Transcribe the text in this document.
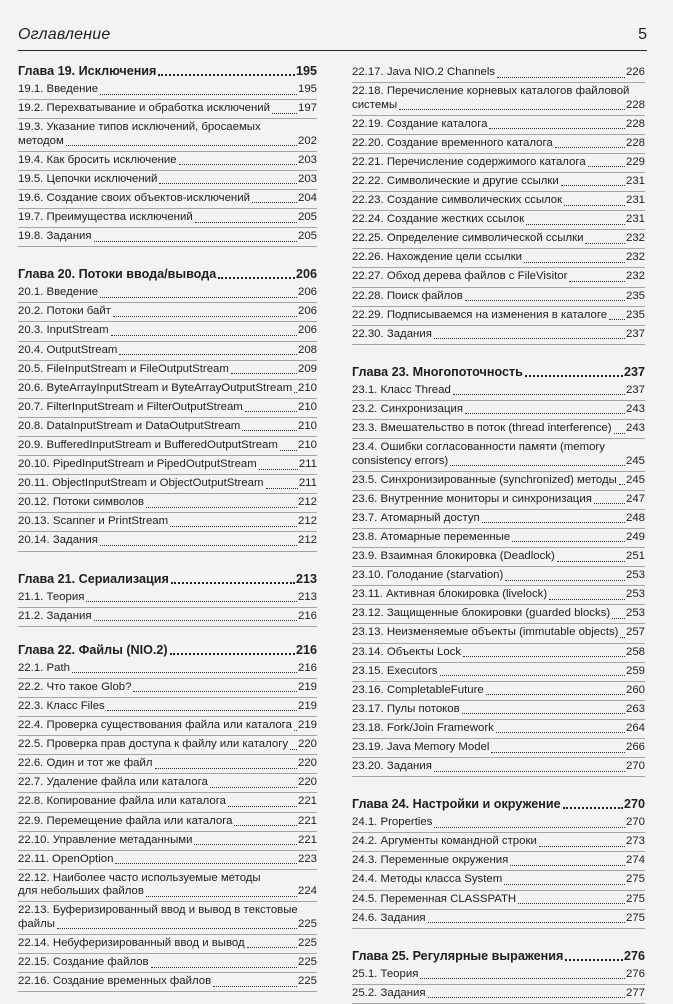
Оглавление	5
Глава 19. Исключения	195
19.1. Введение	195
19.2. Перехватывание и обработка исключений 197
19.3. Указание типов исключений, бросаемых
методом	202
19.4. Как бросить исключение	203
19.5. Цепочки исключений	203
19.6. Создание своих объектов-исключений	204
19.7. Преимущества исключений	205
19.8. Задания	205
Глава 20. Потоки ввода/вывода	206
20.1. Введение	206
20.2. Потоки байт	206
20.3. InputStream	206
20.4. OutputStream	208
20.5. FileInputStream и FileOutputStream	209
20.6. ByteArrayInputStream и ByteArrayOutputStream 210
20.7. FilterInputStream и FilterOutputStream	210
20.8. DataInputStream и DataOutputStream	210
20.9. BufferedInputStream и BufferedOutputStream 210
20.10. PipedInputStream и PipedOutputStream	211
20.11. ObjectInputStream и ObjectOutputStream	211
20.12. Потоки символов	212
20.13. Scanner и PrintStream	212
20.14. Задания	212
Глава 21. Сериализация	213
21.1. Теория	213
21.2. Задания	216
Глава 22. Файлы (NIO.2)	216
22.1. Path	216
22.2. Что такое Glob?	219
22.3. Класс Files	219
22.4. Проверка существования файла или каталога 219
22.5. Проверка прав доступа к файлу или каталогу 220
22.6. Один и тот же файл	220
22.7. Удаление файла или каталога	220
22.8. Копирование файла или каталога	221
22.9. Перемещение файла или каталога	221
22.10. Управление метаданными	221
22.11. OpenOption	223
22.12. Наиболее часто используемые методы
для небольших файлов	224
22.13. Буферизированный ввод и вывод в текстовые
файлы	225
22.14. Небуферизированный ввод и вывод	225
22.15. Создание файлов	225
22.16. Создание временных файлов	225
22.17. Java NIO.2 Channels	226
22.18. Перечисление корневых каталогов файловой
системы	228
22.19. Создание каталога	228
22.20. Создание временного каталога	228
22.21. Перечисление содержимого каталога	229
22.22. Символические и другие ссылки	231
22.23. Создание символических ссылок	231
22.24. Создание жестких ссылок	231
22.25. Определение символической ссылки	232
22.26. Нахождение цели ссылки	232
22.27. Обход дерева файлов с FileVisitor	232
22.28. Поиск файлов	235
22.29. Подписываемся на изменения в каталоге 235
22.30. Задания	237
Глава 23. Многопоточность	237
23.1. Класс Thread	237
23.2. Синхронизация	243
23.3. Вмешательство в поток (thread interference) 243
23.4. Ошибки согласованности памяти (memory
consistency errors)	245
23.5. Синхронизированные (synchronized) методы 245
23.6. Внутренние мониторы и синхронизация	247
23.7. Атомарный доступ	248
23.8. Атомарные переменные	249
23.9. Взаимная блокировка (Deadlock)	251
23.10. Голодание (starvation)	253
23.11. Активная блокировка (livelock)	253
23.12. Защищенные блокировки (guarded blocks) 253
23.13. Неизменяемые объекты (immutable objects) 257
23.14. Объекты Lock	258
23.15. Executors	259
23.16. CompletableFuture	260
23.17. Пулы потоков	263
23.18. Fork/Join Framework	264
23.19. Java Memory Model	266
23.20. Задания	270
Глава 24. Настройки и окружение	270
24.1. Properties	270
24.2. Аргументы командной строки	273
24.3. Переменные окружения	274
24.4. Методы класса System	275
24.5. Переменная CLASSPATH	275
24.6. Задания	275
Глава 25. Регулярные выражения	276
25.1. Теория	276
25.2. Задания	277
